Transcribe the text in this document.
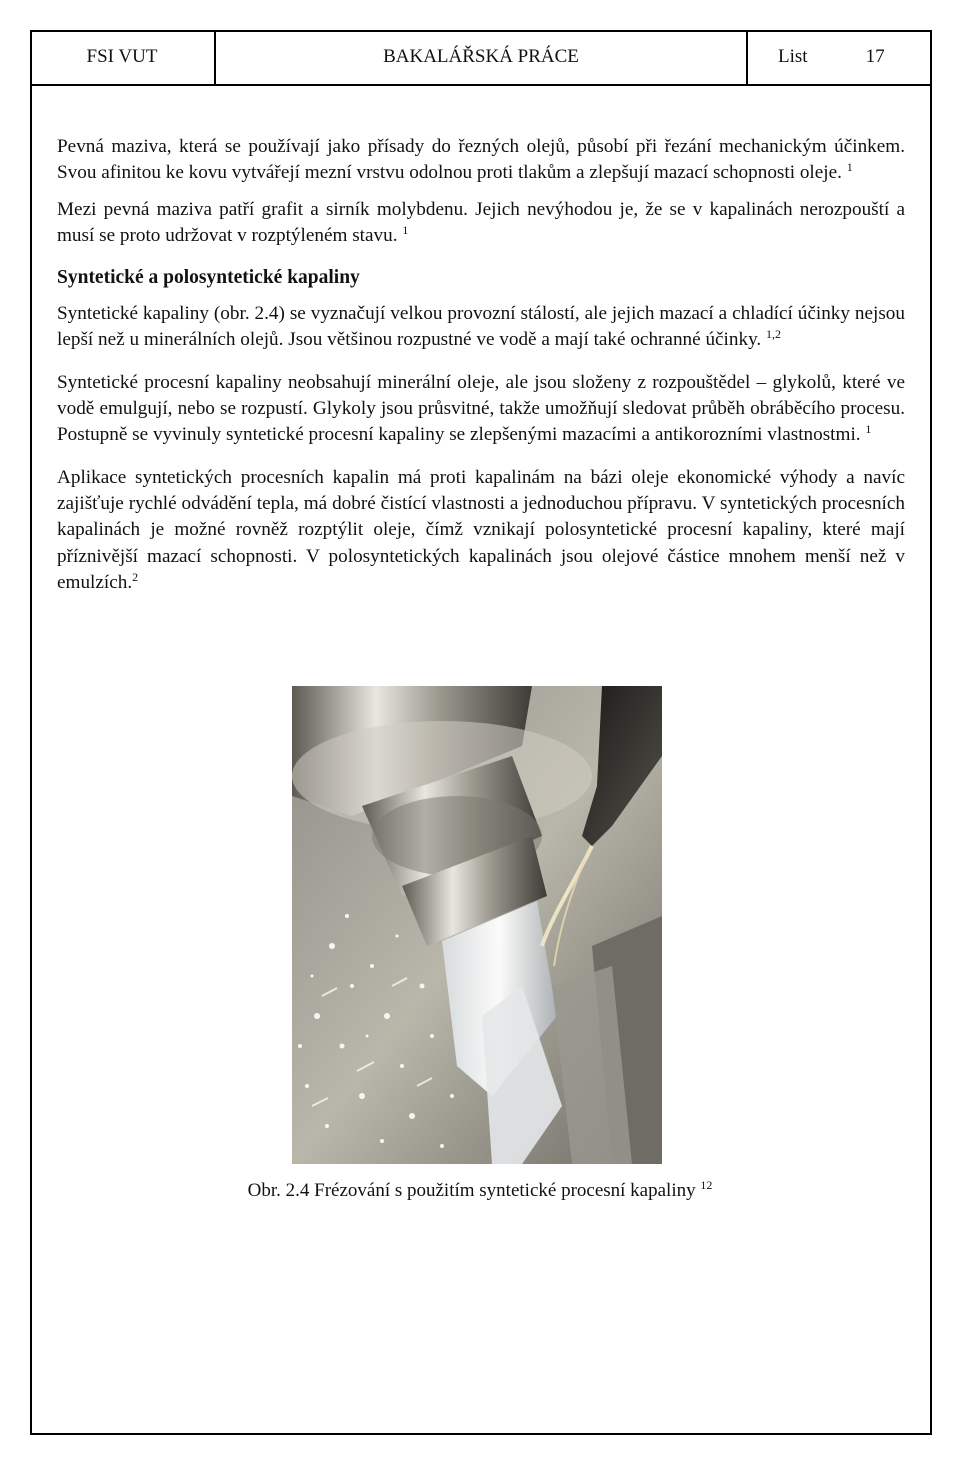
FSI VUT	BAKALÁŘSKÁ PRÁCE	List	17

Pevná maziva, která se používají jako přísady do řezných olejů, působí při řezání mechanickým účinkem. Svou afinitou ke kovu vytvářejí mezní vrstvu odolnou proti tlakům a zlepšují mazací schopnosti oleje. $^1$

Mezi pevná maziva patří grafit a sirník molybdenu. Jejich nevýhodou je, že se v kapalinách nerozpouští a musí se proto udržovat v rozptýleném stavu. $^1$

Syntetické a polosyntetické kapaliny

Syntetické kapaliny (obr. 2.4) se vyznačují velkou provozní stálostí, ale jejich mazací a chladící účinky nejsou lepší než u minerálních olejů. Jsou většinou rozpustné ve vodě a mají také ochranné účinky. $^{1,2}$

Syntetické procesní kapaliny neobsahují minerální oleje, ale jsou složeny z rozpouštědel – glykolů, které ve vodě emulgují, nebo se rozpustí. Glykoly jsou průsvitné, takže umožňují sledovat průběh obráběcího procesu. Postupně se vyvinuly syntetické procesní kapaliny se zlepšenými mazacími a antikorozními vlastnostmi. $^1$

Aplikace syntetických procesních kapalin má proti kapalinám na bázi oleje ekonomické výhody a navíc zajišťuje rychlé odvádění tepla, má dobré čistící vlastnosti a jednoduchou přípravu. V syntetických procesních kapalinách je možné rovněž rozptýlit oleje, čímž vznikají polosyntetické procesní kapaliny, které mají příznivější mazací schopnosti. V polosyntetických kapalinách jsou olejové částice mnohem menší než v emulzích.$^2$

Obr. 2.4 Frézování s použitím syntetické procesní kapaliny $^{12}$
